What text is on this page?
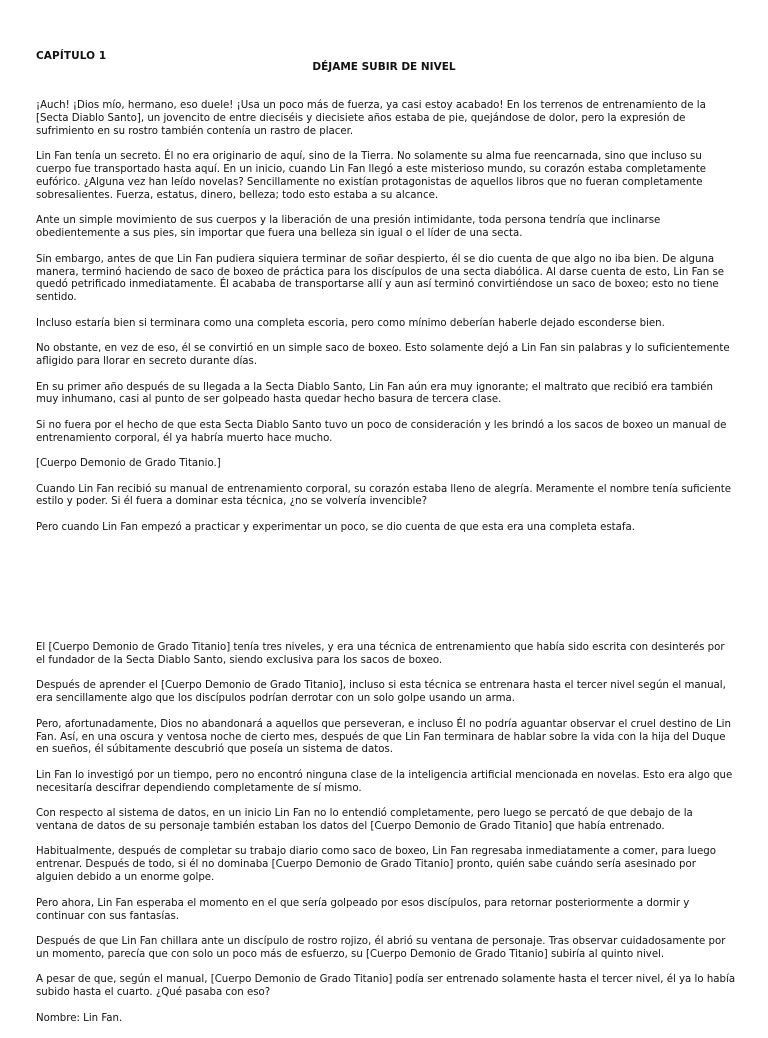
CAPÍTULO 1
DÉJAME SUBIR DE NIVEL

¡Auch! ¡Dios mío, hermano, eso duele! ¡Usa un poco más de fuerza, ya casi estoy acabado! En los terrenos de entrenamiento de la [Secta Diablo Santo], un jovencito de entre dieciséis y diecisiete años estaba de pie, quejándose de dolor, pero la expresión de sufrimiento en su rostro también contenía un rastro de placer.

Lin Fan tenía un secreto. Él no era originario de aquí, sino de la Tierra. No solamente su alma fue reencarnada, sino que incluso su cuerpo fue transportado hasta aquí. En un inicio, cuando Lin Fan llegó a este misterioso mundo, su corazón estaba completamente eufórico. ¿Alguna vez han leído novelas? Sencillamente no existían protagonistas de aquellos libros que no fueran completamente sobresalientes. Fuerza, estatus, dinero, belleza; todo esto estaba a su alcance.

Ante un simple movimiento de sus cuerpos y la liberación de una presión intimidante, toda persona tendría que inclinarse obedientemente a sus pies, sin importar que fuera una belleza sin igual o el líder de una secta.

Sin embargo, antes de que Lin Fan pudiera siquiera terminar de soñar despierto, él se dio cuenta de que algo no iba bien. De alguna manera, terminó haciendo de saco de boxeo de práctica para los discípulos de una secta diabólica. Al darse cuenta de esto, Lin Fan se quedó petrificado inmediatamente. Él acababa de transportarse allí y aun así terminó convirtiéndose un saco de boxeo; esto no tiene sentido.

Incluso estaría bien si terminara como una completa escoria, pero como mínimo deberían haberle dejado esconderse bien.

No obstante, en vez de eso, él se convirtió en un simple saco de boxeo. Esto solamente dejó a Lin Fan sin palabras y lo suficientemente afligido para llorar en secreto durante días.

En su primer año después de su llegada a la Secta Diablo Santo, Lin Fan aún era muy ignorante; el maltrato que recibió era también muy inhumano, casi al punto de ser golpeado hasta quedar hecho basura de tercera clase.

Si no fuera por el hecho de que esta Secta Diablo Santo tuvo un poco de consideración y les brindó a los sacos de boxeo un manual de entrenamiento corporal, él ya habría muerto hace mucho.

[Cuerpo Demonio de Grado Titanio.]

Cuando Lin Fan recibió su manual de entrenamiento corporal, su corazón estaba lleno de alegría. Meramente el nombre tenía suficiente estilo y poder. Si él fuera a dominar esta técnica, ¿no se volvería invencible?

Pero cuando Lin Fan empezó a practicar y experimentar un poco, se dio cuenta de que esta era una completa estafa.

El [Cuerpo Demonio de Grado Titanio] tenía tres niveles, y era una técnica de entrenamiento que había sido escrita con desinterés por el fundador de la Secta Diablo Santo, siendo exclusiva para los sacos de boxeo.

Después de aprender el [Cuerpo Demonio de Grado Titanio], incluso si esta técnica se entrenara hasta el tercer nivel según el manual, era sencillamente algo que los discípulos podrían derrotar con un solo golpe usando un arma.

Pero, afortunadamente, Dios no abandonará a aquellos que perseveran, e incluso Él no podría aguantar observar el cruel destino de Lin Fan. Así, en una oscura y ventosa noche de cierto mes, después de que Lin Fan terminara de hablar sobre la vida con la hija del Duque en sueños, él súbitamente descubrió que poseía un sistema de datos.

Lin Fan lo investigó por un tiempo, pero no encontró ninguna clase de la inteligencia artificial mencionada en novelas. Esto era algo que necesitaría descifrar dependiendo completamente de sí mismo.

Con respecto al sistema de datos, en un inicio Lin Fan no lo entendió completamente, pero luego se percató de que debajo de la ventana de datos de su personaje también estaban los datos del [Cuerpo Demonio de Grado Titanio] que había entrenado.

Habitualmente, después de completar su trabajo diario como saco de boxeo, Lin Fan regresaba inmediatamente a comer, para luego entrenar. Después de todo, si él no dominaba [Cuerpo Demonio de Grado Titanio] pronto, quién sabe cuándo sería asesinado por alguien debido a un enorme golpe.

Pero ahora, Lin Fan esperaba el momento en el que sería golpeado por esos discípulos, para retornar posteriormente a dormir y continuar con sus fantasías.

Después de que Lin Fan chillara ante un discípulo de rostro rojizo, él abrió su ventana de personaje. Tras observar cuidadosamente por un momento, parecía que con solo un poco más de esfuerzo, su [Cuerpo Demonio de Grado Titanio] subiría al quinto nivel.

A pesar de que, según el manual, [Cuerpo Demonio de Grado Titanio] podía ser entrenado solamente hasta el tercer nivel, él ya lo había subido hasta el cuarto. ¿Qué pasaba con eso?

Nombre: Lin Fan.
